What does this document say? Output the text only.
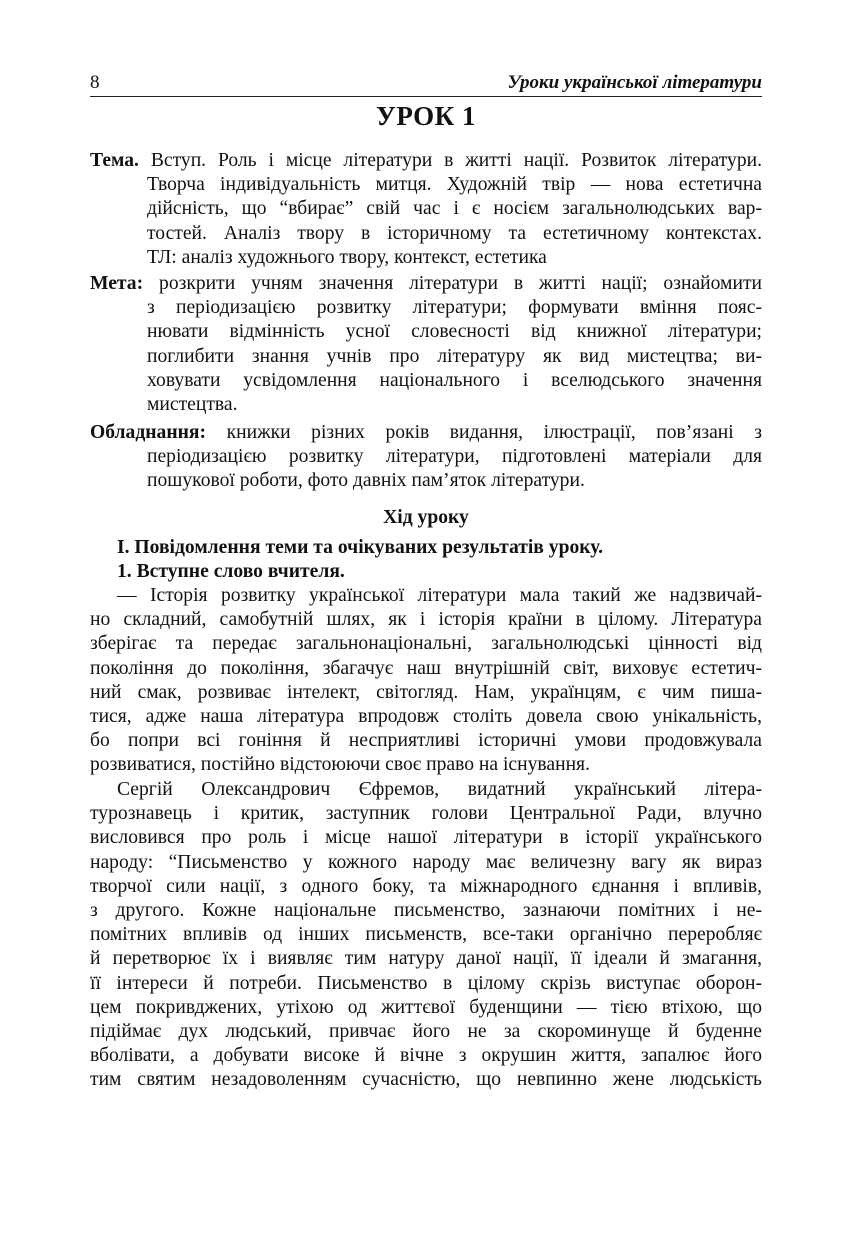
8	Уроки української літератури
УРОК 1
Тема. Вступ. Роль і місце літератури в житті нації. Розвиток літератури.
Творча індивідуальність митця. Художній твір — нова естетична
дійсність, що “вбирає” свій час і є носієм загальнолюдських вар-
тостей. Аналіз твору в історичному та естетичному контекстах.
ТЛ: аналіз художнього твору, контекст, естетика
Мета: розкрити учням значення літератури в житті нації; ознайомити
з періодизацією розвитку літератури; формувати вміння пояс-
нювати відмінність усної словесності від книжної літератури;
поглибити знання учнів про літературу як вид мистецтва; ви-
ховувати усвідомлення національного і вселюдського значення
мистецтва.
Обладнання: книжки різних років видання, ілюстрації, пов’язані з
періодизацією розвитку літератури, підготовлені матеріали для
пошукової роботи, фото давніх пам’яток літератури.
Хід уроку
І. Повідомлення теми та очікуваних результатів уроку.
1. Вступне слово вчителя.
— Історія розвитку української літератури мала такий же надзвичай-
но складний, самобутній шлях, як і історія країни в цілому. Література
зберігає та передає загальнонаціональні, загальнолюдські цінності від
покоління до покоління, збагачує наш внутрішній світ, виховує естетич-
ний смак, розвиває інтелект, світогляд. Нам, українцям, є чим пиша-
тися, адже наша література впродовж століть довела свою унікальність,
бо попри всі гоніння й несприятливі історичні умови продовжувала
розвиватися, постійно відстоюючи своє право на існування.
Сергій Олександрович Єфремов, видатний український літера-
турознавець і критик, заступник голови Центральної Ради, влучно
висловився про роль і місце нашої літератури в історії українського
народу: “Письменство у кожного народу має величезну вагу як вираз
творчої сили нації, з одного боку, та міжнародного єднання і впливів,
з другого. Кожне національне письменство, зазнаючи помітних і не-
помітних впливів од інших письменств, все-таки органічно переробляє
й перетворює їх і виявляє тим натуру даної нації, її ідеали й змагання,
її інтереси й потреби. Письменство в цілому скрізь виступає оборон-
цем покривджених, утіхою од життєвої буденщини — тією втіхою, що
підіймає дух людський, привчає його не за скороминуще й буденне
вболівати, а добувати високе й вічне з окрушин життя, запалює його
тим святим незадоволенням сучасністю, що невпинно жене людськість
